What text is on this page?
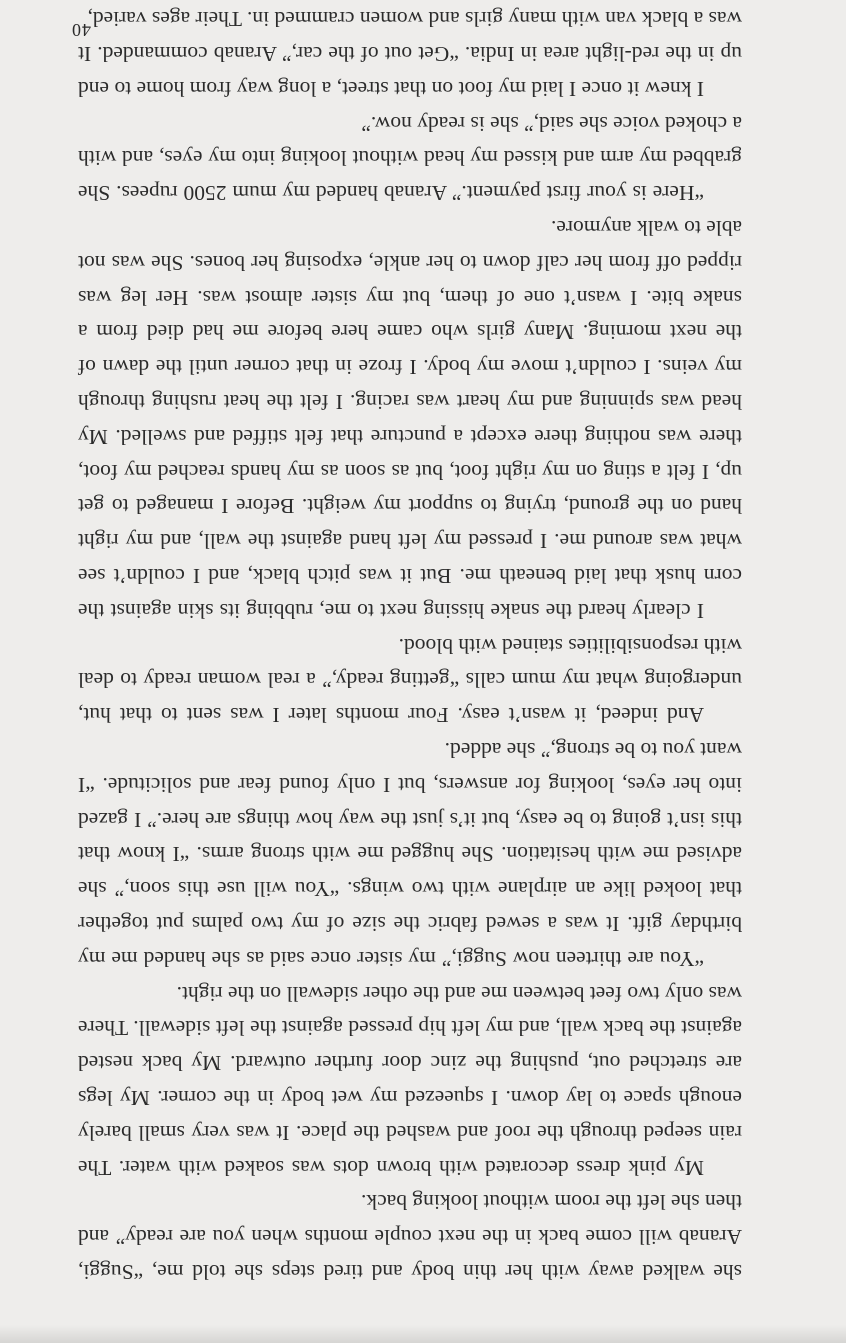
she walked away with her thin body and tired steps she told me, “Suggi, Aranab will come back in the next couple months when you are ready” and then she left the room without looking back.

My pink dress decorated with brown dots was soaked with water. The rain seeped through the roof and washed the place. It was very small barely enough space to lay down. I squeezed my wet body in the corner. My legs are stretched out, pushing the zinc door further outward. My back nested against the back wall, and my left hip pressed against the left sidewall. There was only two feet between me and the other sidewall on the right.

“You are thirteen now Suggi,” my sister once said as she handed me my birthday gift. It was a sewed fabric the size of my two palms put together that looked like an airplane with two wings. “You will use this soon,” she advised me with hesitation. She hugged me with strong arms. “I know that this isn’t going to be easy, but it’s just the way how things are here.” I gazed into her eyes, looking for answers, but I only found fear and solicitude. “I want you to be strong,” she added.

And indeed, it wasn’t easy. Four months later I was sent to that hut, undergoing what my mum calls “getting ready,” a real woman ready to deal with responsibilities stained with blood.

I clearly heard the snake hissing next to me, rubbing its skin against the corn husk that laid beneath me. But it was pitch black, and I couldn’t see what was around me. I pressed my left hand against the wall, and my right hand on the ground, trying to support my weight. Before I managed to get up, I felt a sting on my right foot, but as soon as my hands reached my foot, there was nothing there except a puncture that felt stiffed and swelled. My head was spinning and my heart was racing. I felt the heat rushing through my veins. I couldn’t move my body. I froze in that corner until the dawn of the next morning. Many girls who came here before me had died from a snake bite. I wasn’t one of them, but my sister almost was. Her leg was ripped off from her calf down to her ankle, exposing her bones. She was not able to walk anymore.

“Here is your first payment.” Aranab handed my mum 2500 rupees. She grabbed my arm and kissed my head without looking into my eyes, and with a choked voice she said,” she is ready now.”

I knew it once I laid my foot on that street, a long way from home to end up in the red-light area in India. “Get out of the car,” Aranab commanded. It was a black van with many girls and women crammed in. Their ages varied,

40
